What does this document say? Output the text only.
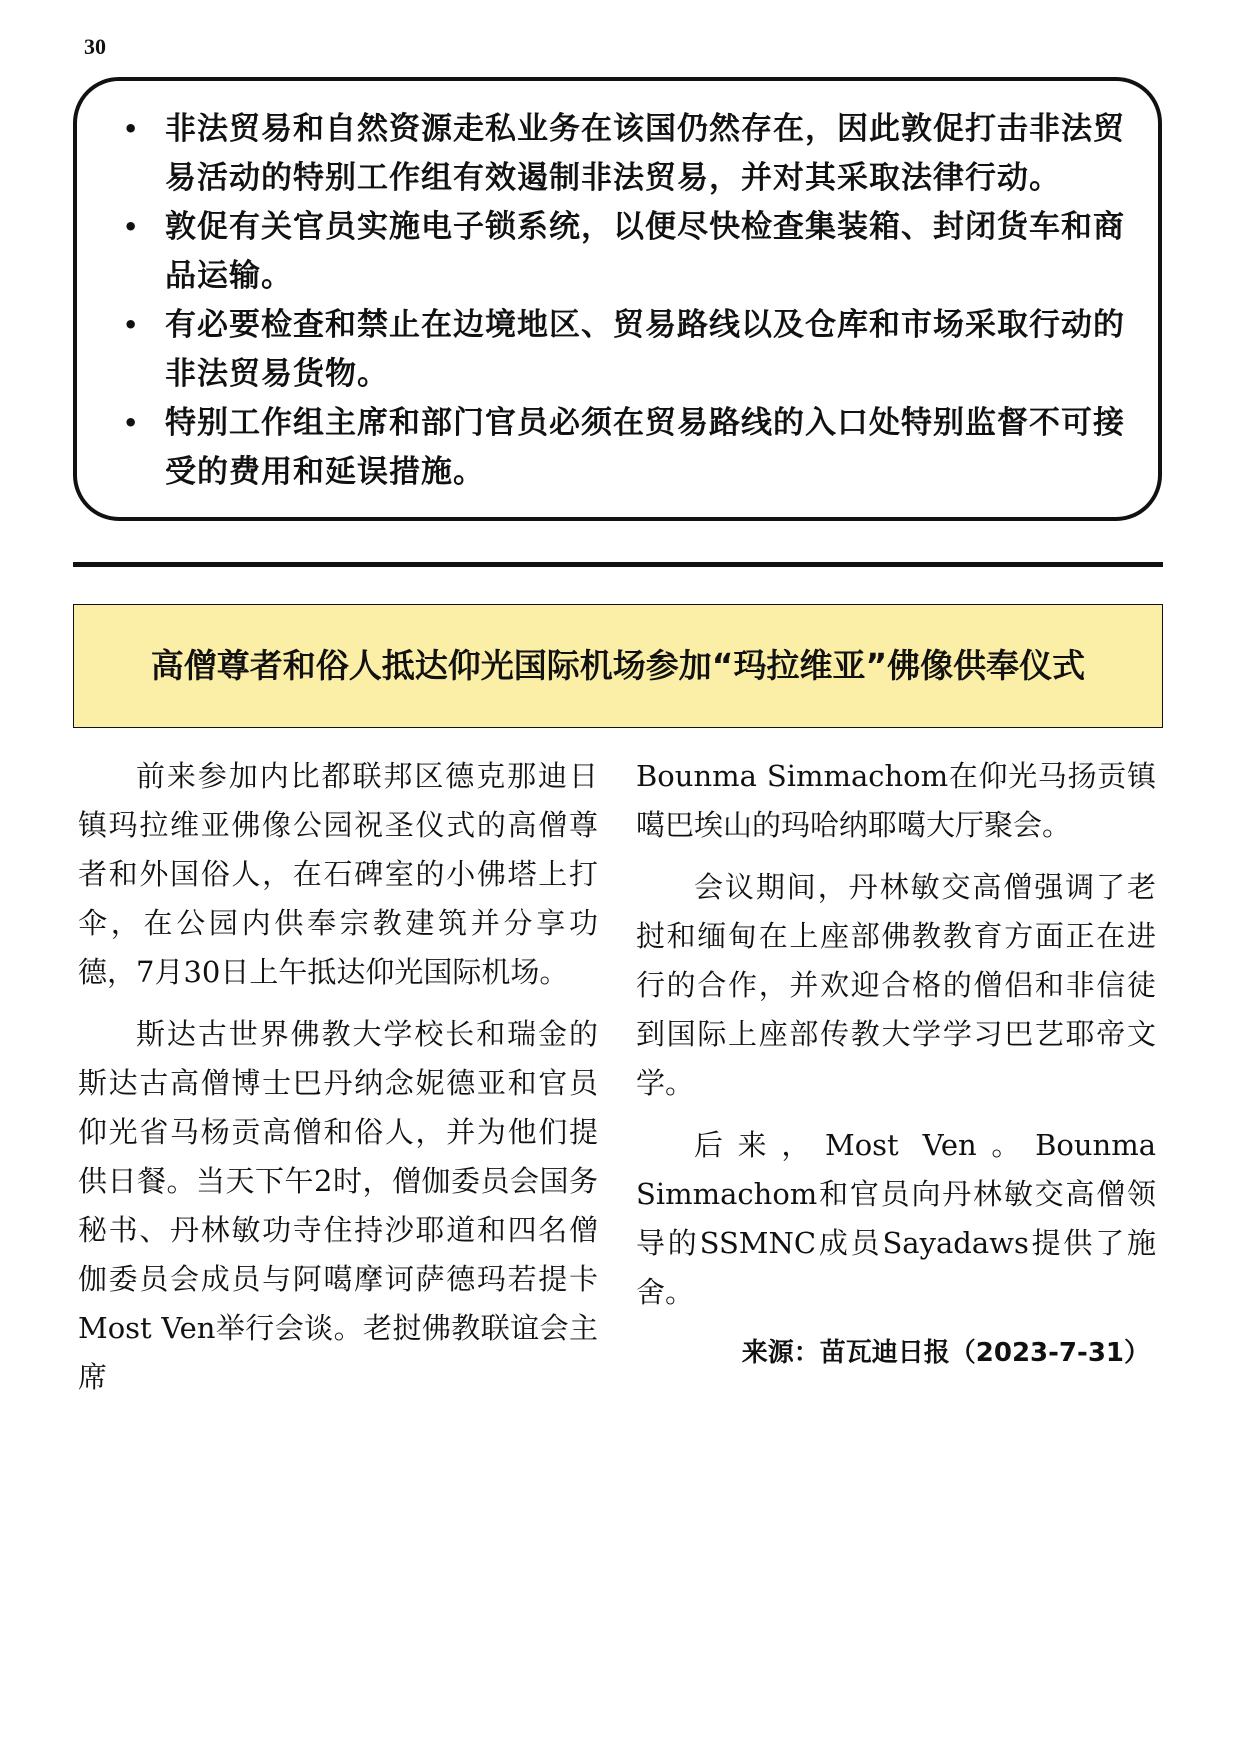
30
• 非法贸易和自然资源走私业务在该国仍然存在，因此敦促打击非法贸易活动的特别工作组有效遏制非法贸易，并对其采取法律行动。
• 敦促有关官员实施电子锁系统，以便尽快检查集装箱、封闭货车和商品运输。
• 有必要检查和禁止在边境地区、贸易路线以及仓库和市场采取行动的非法贸易货物。
• 特别工作组主席和部门官员必须在贸易路线的入口处特别监督不可接受的费用和延误措施。
高僧尊者和俗人抵达仰光国际机场参加“玛拉维亚”佛像供奉仪式

前来参加内比都联邦区德克那迪日镇玛拉维亚佛像公园祝圣仪式的高僧尊者和外国俗人，在石碑室的小佛塔上打伞，在公园内供奉宗教建筑并分享功德，7月30日上午抵达仰光国际机场。

斯达古世界佛教大学校长和瑞金的斯达古高僧博士巴丹纳念妮德亚和官员仰光省马杨贡高僧和俗人，并为他们提供日餐。当天下午2时，僧伽委员会国务秘书、丹林敏功寺住持沙耶道和四名僧伽委员会成员与阿噶摩诃萨德玛若提卡Most Ven举行会谈。老挝佛教联谊会主席

Bounma Simmachom在仰光马扬贡镇噶巴埃山的玛哈纳耶噶大厅聚会。

会议期间，丹林敏交高僧强调了老挝和缅甸在上座部佛教教育方面正在进行的合作，并欢迎合格的僧侣和非信徒到国际上座部传教大学学习巴艺耶帝文学。

后来，Most Ven。Bounma Simmachom和官员向丹林敏交高僧领导的SSMNC成员Sayadaws提供了施舍。

来源：苗瓦迪日报（2023-7-31）
